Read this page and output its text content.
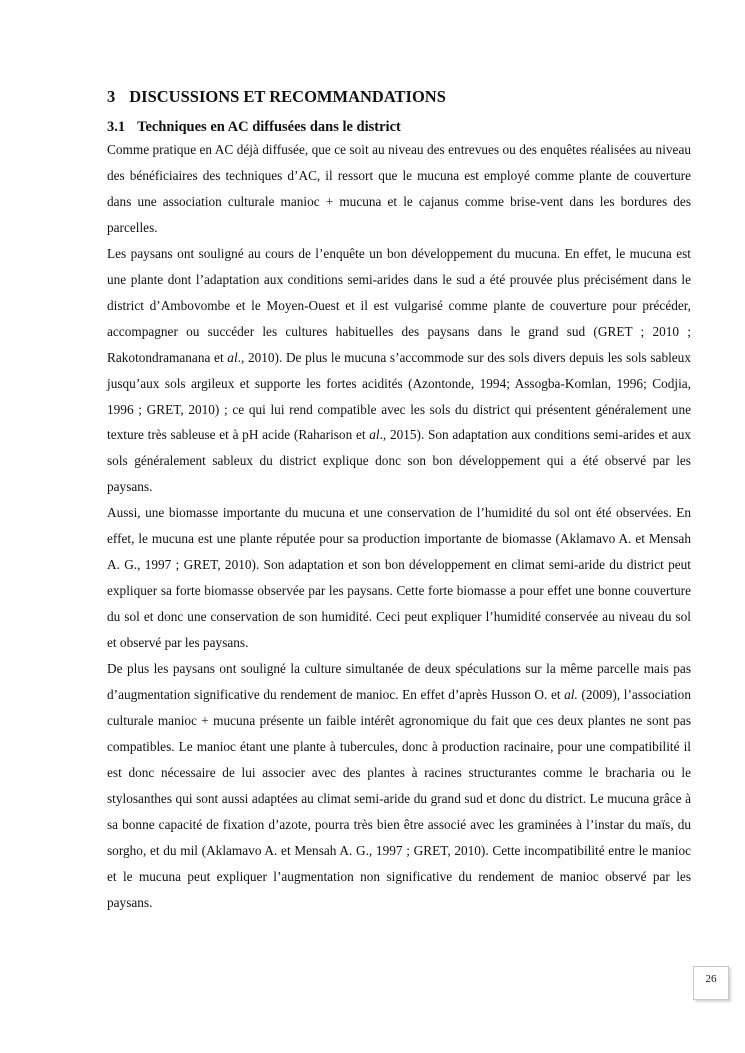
3 DISCUSSIONS ET RECOMMANDATIONS
3.1 Techniques en AC diffusées dans le district

Comme pratique en AC déjà diffusée, que ce soit au niveau des entrevues ou des enquêtes réalisées au niveau des bénéficiaires des techniques d’AC, il ressort que le mucuna est employé comme plante de couverture dans une association culturale manioc + mucuna et le cajanus comme brise-vent dans les bordures des parcelles.

Les paysans ont souligné au cours de l’enquête un bon développement du mucuna. En effet, le mucuna est une plante dont l’adaptation aux conditions semi-arides dans le sud a été prouvée plus précisément dans le district d’Ambovombe et le Moyen-Ouest et il est vulgarisé comme plante de couverture pour précéder, accompagner ou succéder les cultures habituelles des paysans dans le grand sud (GRET ; 2010 ; Rakotondramanana et al., 2010). De plus le mucuna s’accommode sur des sols divers depuis les sols sableux jusqu’aux sols argileux et supporte les fortes acidités (Azontonde, 1994; Assogba-Komlan, 1996; Codjia, 1996 ; GRET, 2010) ; ce qui lui rend compatible avec les sols du district qui présentent généralement une texture très sableuse et à pH acide (Raharison et al., 2015). Son adaptation aux conditions semi-arides et aux sols généralement sableux du district explique donc son bon développement qui a été observé par les paysans.

Aussi, une biomasse importante du mucuna et une conservation de l’humidité du sol ont été observées. En effet, le mucuna est une plante réputée pour sa production importante de biomasse (Aklamavo A. et Mensah A. G., 1997 ; GRET, 2010). Son adaptation et son bon développement en climat semi-aride du district peut expliquer sa forte biomasse observée par les paysans. Cette forte biomasse a pour effet une bonne couverture du sol et donc une conservation de son humidité. Ceci peut expliquer l’humidité conservée au niveau du sol et observé par les paysans.

De plus les paysans ont souligné la culture simultanée de deux spéculations sur la même parcelle mais pas d’augmentation significative du rendement de manioc. En effet d’après Husson O. et al. (2009), l’association culturale manioc + mucuna présente un faible intérêt agronomique du fait que ces deux plantes ne sont pas compatibles. Le manioc étant une plante à tubercules, donc à production racinaire, pour une compatibilité il est donc nécessaire de lui associer avec des plantes à racines structurantes comme le bracharia ou le stylosanthes qui sont aussi adaptées au climat semi-aride du grand sud et donc du district. Le mucuna grâce à sa bonne capacité de fixation d’azote, pourra très bien être associé avec les graminées à l’instar du maïs, du sorgho, et du mil (Aklamavo A. et Mensah A. G., 1997 ; GRET, 2010). Cette incompatibilité entre le manioc et le mucuna peut expliquer l’augmentation non significative du rendement de manioc observé par les paysans.

26
